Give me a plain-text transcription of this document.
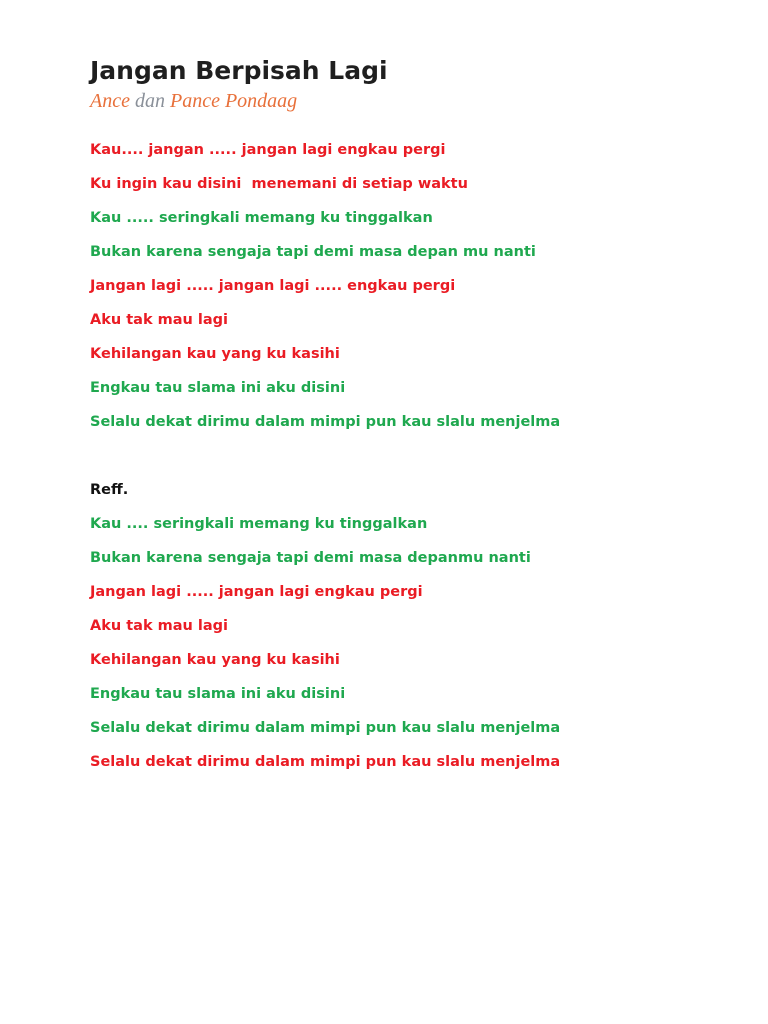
Jangan Berpisah Lagi
Ance dan Pance Pondaag
Kau.... jangan ..... jangan lagi engkau pergi
Ku ingin kau disini  menemani di setiap waktu
Kau ..... seringkali memang ku tinggalkan
Bukan karena sengaja tapi demi masa depan mu nanti
Jangan lagi ..... jangan lagi ..... engkau pergi
Aku tak mau lagi
Kehilangan kau yang ku kasihi
Engkau tau slama ini aku disini
Selalu dekat dirimu dalam mimpi pun kau slalu menjelma
Reff.
Kau .... seringkali memang ku tinggalkan
Bukan karena sengaja tapi demi masa depanmu nanti
Jangan lagi ..... jangan lagi engkau pergi
Aku tak mau lagi
Kehilangan kau yang ku kasihi
Engkau tau slama ini aku disini
Selalu dekat dirimu dalam mimpi pun kau slalu menjelma
Selalu dekat dirimu dalam mimpi pun kau slalu menjelma
